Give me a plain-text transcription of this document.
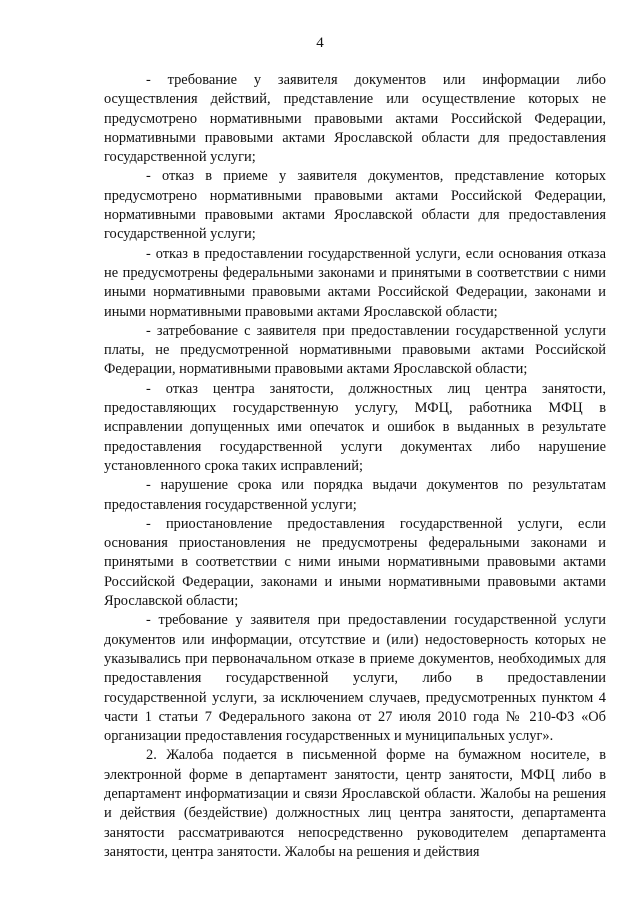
4

- требование у заявителя документов или информации либо осуществления действий, представление или осуществление которых не предусмотрено нормативными правовыми актами Российской Федерации, нормативными правовыми актами Ярославской области для предоставления государственной услуги;

- отказ в приеме у заявителя документов, представление которых предусмотрено нормативными правовыми актами Российской Федерации, нормативными правовыми актами Ярославской области для предоставления государственной услуги;

- отказ в предоставлении государственной услуги, если основания отказа не предусмотрены федеральными законами и принятыми в соответствии с ними иными нормативными правовыми актами Российской Федерации, законами и иными нормативными правовыми актами Ярославской области;

- затребование с заявителя при предоставлении государственной услуги платы, не предусмотренной нормативными правовыми актами Российской Федерации, нормативными правовыми актами Ярославской области;

- отказ центра занятости, должностных лиц центра занятости, предоставляющих государственную услугу, МФЦ, работника МФЦ в исправлении допущенных ими опечаток и ошибок в выданных в результате предоставления государственной услуги документах либо нарушение установленного срока таких исправлений;

- нарушение срока или порядка выдачи документов по результатам предоставления государственной услуги;

- приостановление предоставления государственной услуги, если основания приостановления не предусмотрены федеральными законами и принятыми в соответствии с ними иными нормативными правовыми актами Российской Федерации, законами и иными нормативными правовыми актами Ярославской области;

- требование у заявителя при предоставлении государственной услуги документов или информации, отсутствие и (или) недостоверность которых не указывались при первоначальном отказе в приеме документов, необходимых для предоставления государственной услуги, либо в предоставлении государственной услуги, за исключением случаев, предусмотренных пунктом 4 части 1 статьи 7 Федерального закона от 27 июля 2010 года № 210-ФЗ «Об организации предоставления государственных и муниципальных услуг».

2. Жалоба подается в письменной форме на бумажном носителе, в электронной форме в департамент занятости, центр занятости, МФЦ либо в департамент информатизации и связи Ярославской области. Жалобы на решения и действия (бездействие) должностных лиц центра занятости, департамента занятости рассматриваются непосредственно руководителем департамента занятости, центра занятости. Жалобы на решения и действия
